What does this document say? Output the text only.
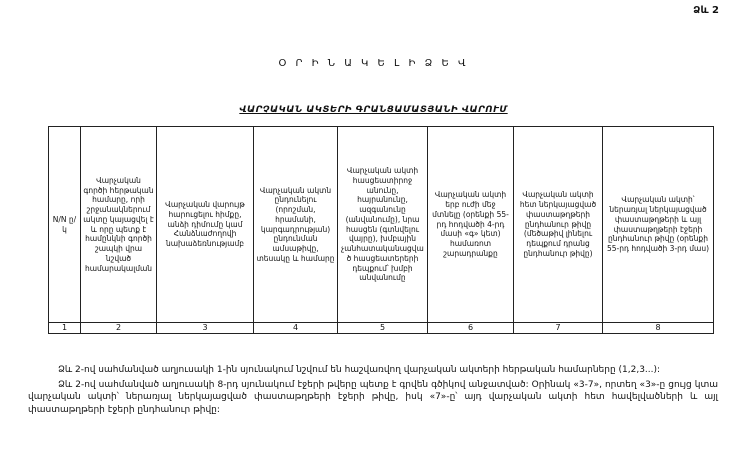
Ձև 2
Օ Ր Ի Ն Ա Կ Ե Լ Ի Ձ Ե Վ
ՎԱՐՉԱԿԱՆ ԱԿՏԵՐԻ ԳՐԱՆՑԱՄԱՏՅԱՆԻ ՎԱՐՈՒՄ
N/N ը/կ	Վարչական գործի հերթական համարը, որի շրջանակներում ակտը կայացվել է և որը պետք է համընկնի գործի շապկի վրա նշված համարակալման	Վարչական վարույթ հարուցելու հիմքը, անձի դիմումը կամ Հանձնաժողովի նախաձեռնությամբ	Վարչական ակտն ընդունելու (որոշման, հրամանի, կարգադրության) ընդունման ամսաթիվը, տեսակը և համարը	Վարչական ակտի հասցեատիրոջ անունը, հայրանունը, ազգանունը (անվանումը), նրա հասցեն (գտնվելու վայրը), խմբային չանհատականացված հասցեատերերի դեպքում՝ խմբի անվանումը	Վարչական ակտի երբ ուժի մեջ մտնելը (օրենքի 55-րդ հոդվածի 4-րդ մասի «գ» կետ) համառոտ շարադրանքը	Վարչական ակտի հետ ներկայացված փաստաթղթերի ընդհանուր թիվը (մեծաթիվ լինելու դեպքում դրանց ընդհանուր թիվը)	Վարչական ակտի՝ ներառյալ ներկայացված փաստաթղթերի և այլ փաստաթղթերի էջերի ընդհանուր թիվը (օրենքի 55-րդ հոդվածի 3-րդ մաս)
1	2	3	4	5	6	7	8

Ձև 2-ով սահմանված աղյուսակի 1-ին սյունակում նշվում են հաշվառվող վարչական ակտերի հերթական համարները (1,2,3...):

Ձև 2-ով սահմանված աղյուսակի 8-րդ սյունակում էջերի թվերը պետք է գրվեն գծիկով անջատված: Օրինակ «3-7», որտեղ «3»-ը ցույց կտա վարչական ակտի՝ ներառյալ ներկայացված փաստաթղթերի էջերի թիվը, իսկ «7»-ը՝ այդ վարչական ակտի հետ հավելվածների և այլ փաստաթղթերի էջերի ընդհանուր թիվը:
